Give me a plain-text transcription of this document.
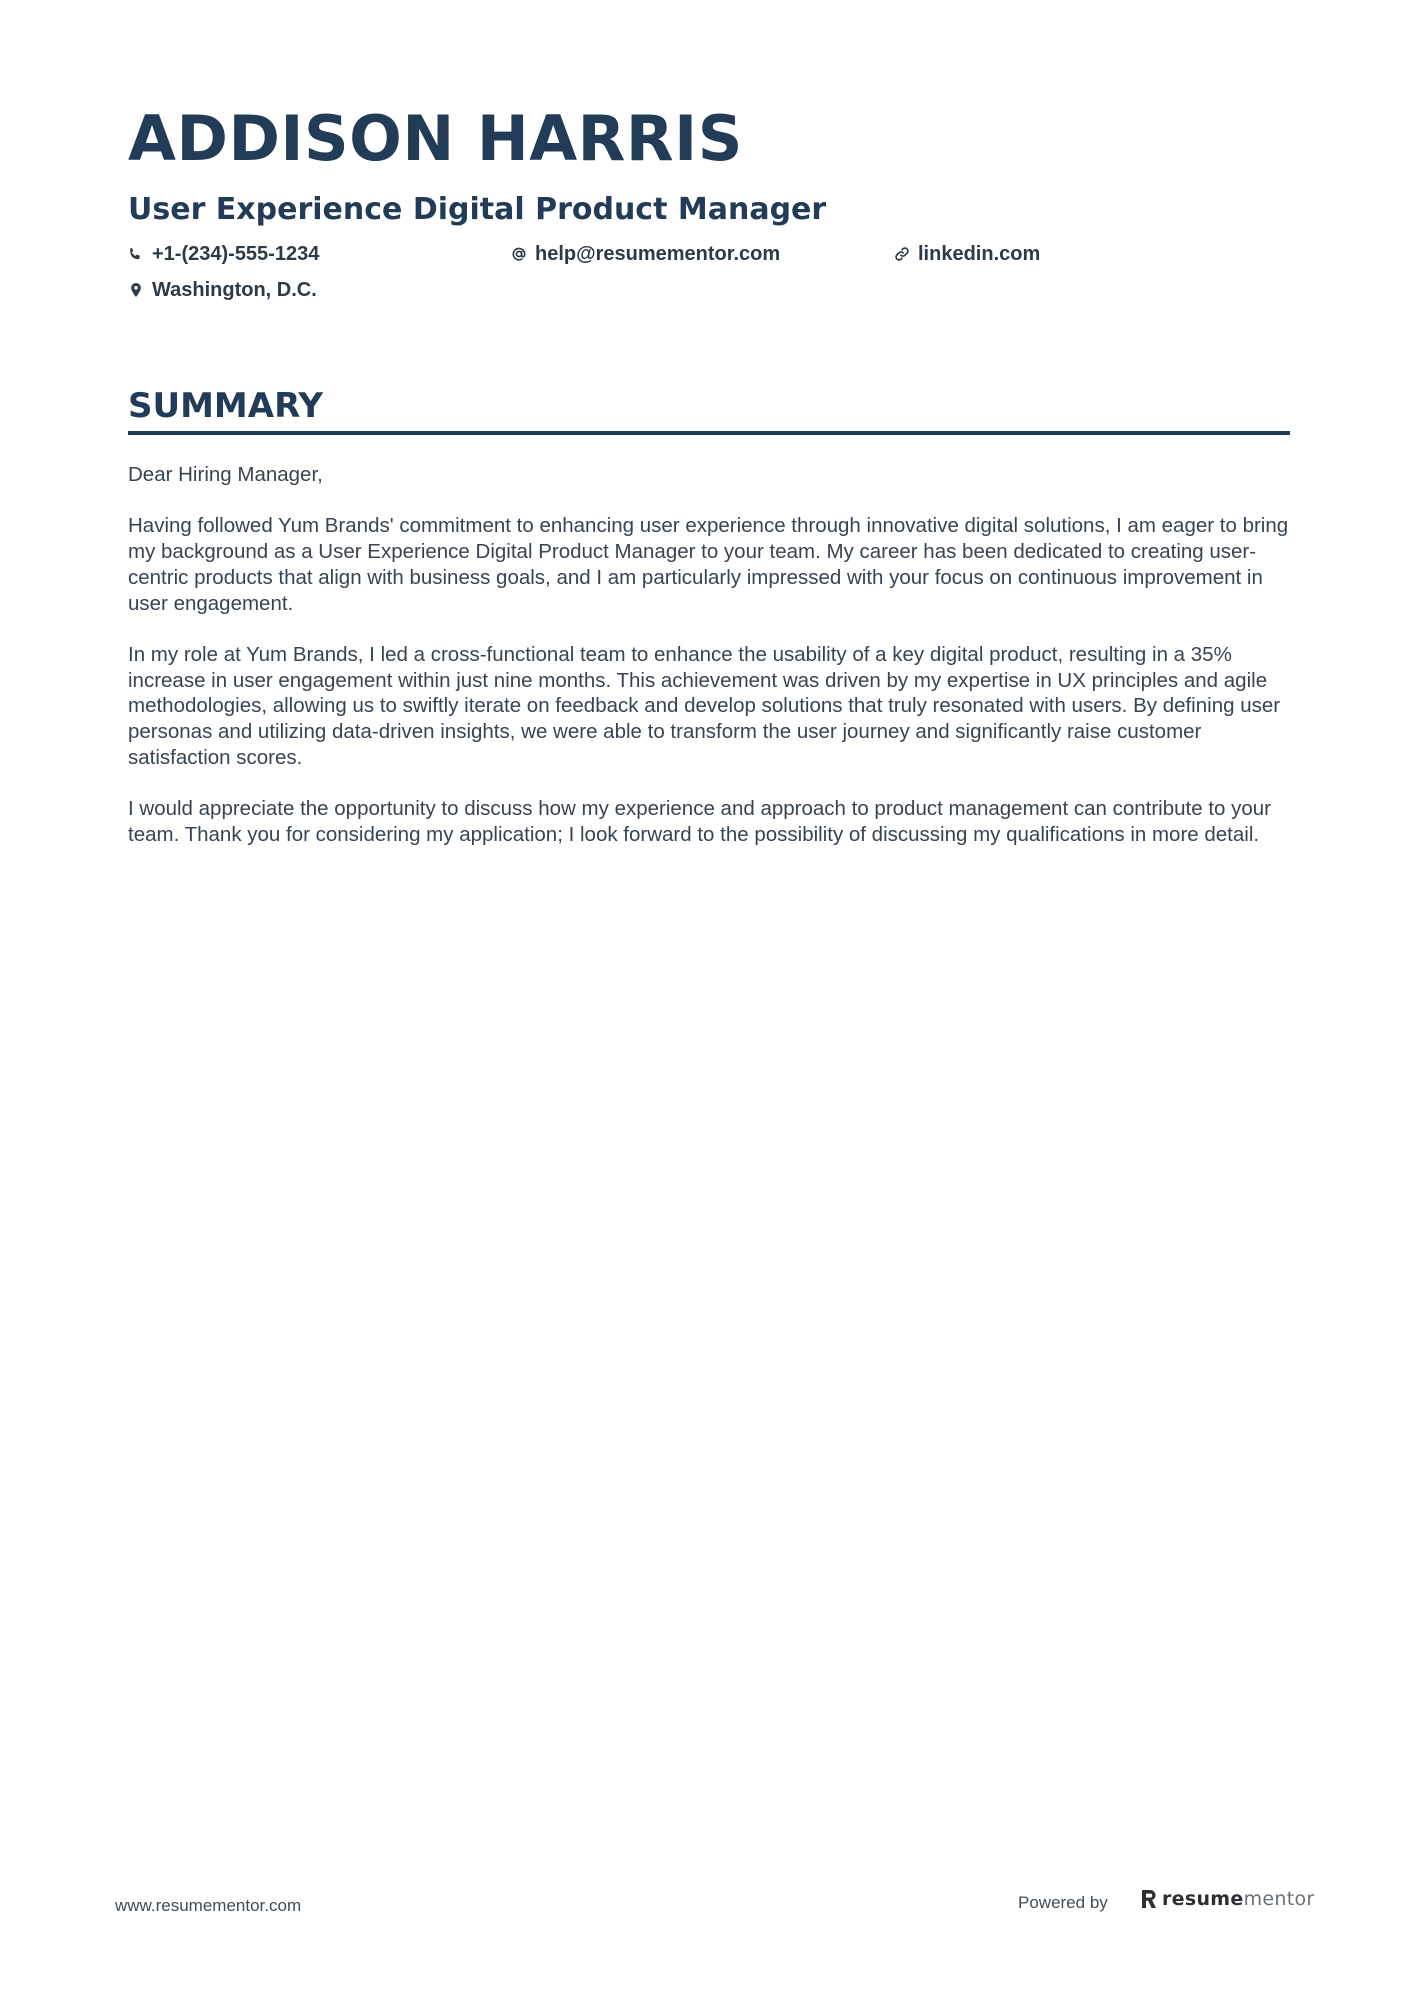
ADDISON HARRIS
User Experience Digital Product Manager
+1-(234)-555-1234	help@resumementor.com	linkedin.com
Washington, D.C.
SUMMARY

Dear Hiring Manager,

Having followed Yum Brands' commitment to enhancing user experience through innovative digital solutions, I am eager to bring my background as a User Experience Digital Product Manager to your team. My career has been dedicated to creating user-centric products that align with business goals, and I am particularly impressed with your focus on continuous improvement in user engagement.

In my role at Yum Brands, I led a cross-functional team to enhance the usability of a key digital product, resulting in a 35% increase in user engagement within just nine months. This achievement was driven by my expertise in UX principles and agile methodologies, allowing us to swiftly iterate on feedback and develop solutions that truly resonated with users. By defining user personas and utilizing data-driven insights, we were able to transform the user journey and significantly raise customer satisfaction scores.

I would appreciate the opportunity to discuss how my experience and approach to product management can contribute to your team. Thank you for considering my application; I look forward to the possibility of discussing my qualifications in more detail.

www.resumementor.com	Powered by	resumementor
